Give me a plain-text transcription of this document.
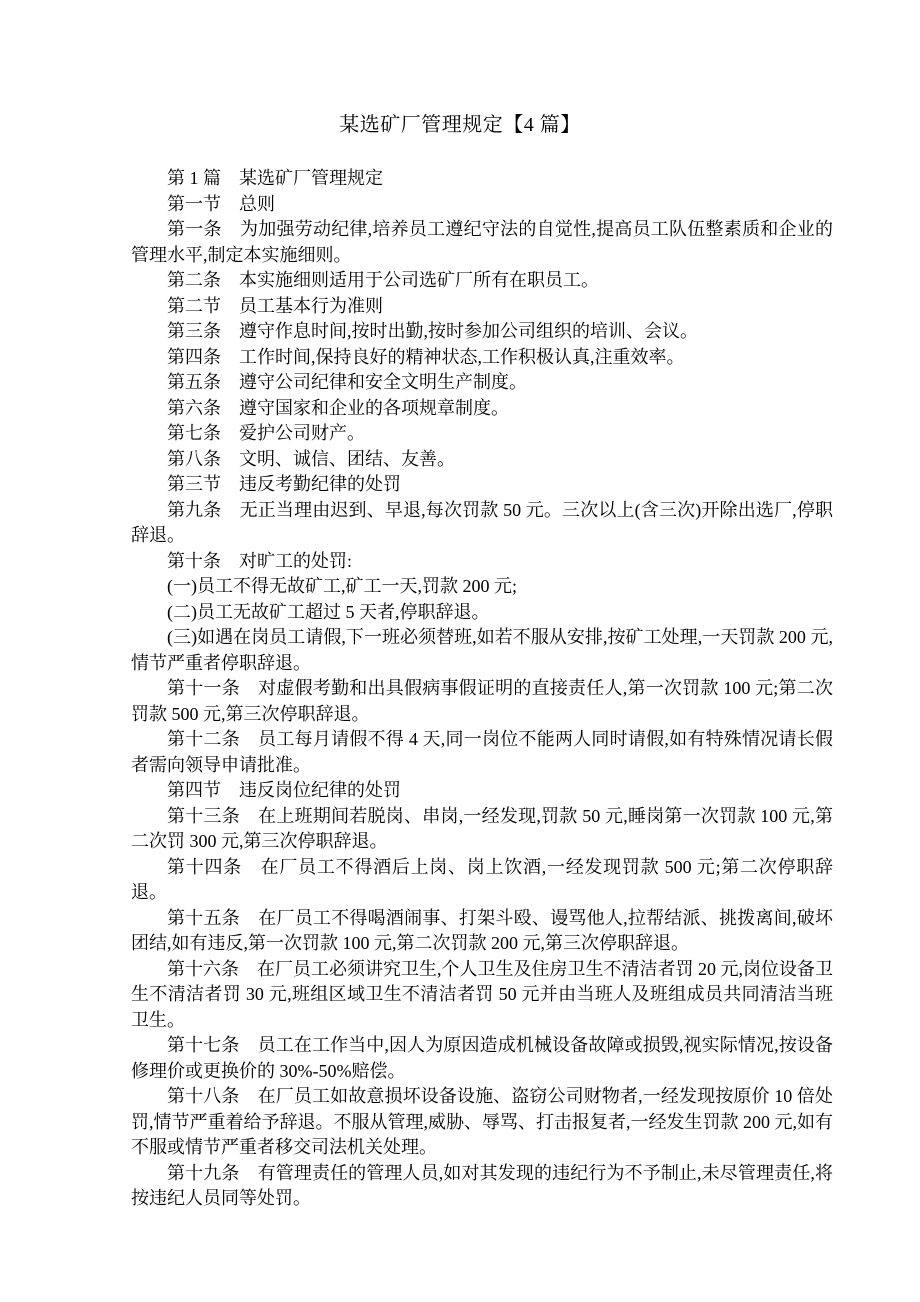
某选矿厂管理规定【4 篇】

第 1 篇　某选矿厂管理规定

第一节　总则

第一条　为加强劳动纪律,培养员工遵纪守法的自觉性,提高员工队伍整素质和企业的管理水平,制定本实施细则。

第二条　本实施细则适用于公司选矿厂所有在职员工。

第二节　员工基本行为准则

第三条　遵守作息时间,按时出勤,按时参加公司组织的培训、会议。

第四条　工作时间,保持良好的精神状态,工作积极认真,注重效率。

第五条　遵守公司纪律和安全文明生产制度。

第六条　遵守国家和企业的各项规章制度。

第七条　爱护公司财产。

第八条　文明、诚信、团结、友善。

第三节　违反考勤纪律的处罚

第九条　无正当理由迟到、早退,每次罚款 50 元。三次以上(含三次)开除出选厂,停职辞退。

第十条　对旷工的处罚:

(一)员工不得无故矿工,矿工一天,罚款 200 元;

(二)员工无故矿工超过 5 天者,停职辞退。

(三)如遇在岗员工请假,下一班必须替班,如若不服从安排,按矿工处理,一天罚款 200 元,情节严重者停职辞退。

第十一条　对虚假考勤和出具假病事假证明的直接责任人,第一次罚款 100 元;第二次罚款 500 元,第三次停职辞退。

第十二条　员工每月请假不得 4 天,同一岗位不能两人同时请假,如有特殊情况请长假者需向领导申请批准。

第四节　违反岗位纪律的处罚

第十三条　在上班期间若脱岗、串岗,一经发现,罚款 50 元,睡岗第一次罚款 100 元,第二次罚 300 元,第三次停职辞退。

第十四条　在厂员工不得酒后上岗、岗上饮酒,一经发现罚款 500 元;第二次停职辞退。

第十五条　在厂员工不得喝酒闹事、打架斗殴、谩骂他人,拉帮结派、挑拨离间,破坏团结,如有违反,第一次罚款 100 元,第二次罚款 200 元,第三次停职辞退。

第十六条　在厂员工必须讲究卫生,个人卫生及住房卫生不清洁者罚 20 元,岗位设备卫生不清洁者罚 30 元,班组区域卫生不清洁者罚 50 元并由当班人及班组成员共同清洁当班卫生。

第十七条　员工在工作当中,因人为原因造成机械设备故障或损毁,视实际情况,按设备修理价或更换价的 30%-50%赔偿。

第十八条　在厂员工如故意损坏设备设施、盗窃公司财物者,一经发现按原价 10 倍处罚,情节严重着给予辞退。不服从管理,威胁、辱骂、打击报复者,一经发生罚款 200 元,如有不服或情节严重者移交司法机关处理。

第十九条　有管理责任的管理人员,如对其发现的违纪行为不予制止,未尽管理责任,将按违纪人员同等处罚。
